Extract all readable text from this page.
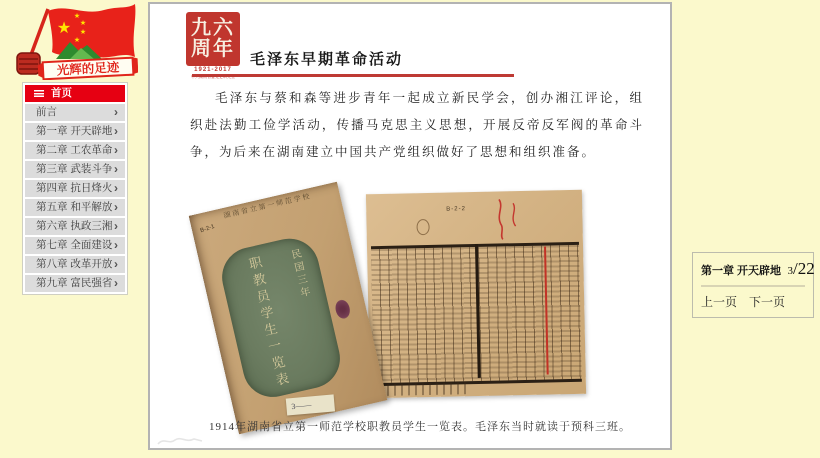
★
★
★
★
★
光辉的足迹
首页
前言	›
第一章 开天辟地 ›
第二章 工农革命 ›
第三章 武装斗争 ›
第四章 抗日烽火 ›
第五章 和平解放 ›
第六章 执政三湘 ›
第七章 全面建设 ›
第八章 改革开放 ›
第九章 富民强省 ›
九六周年
1921-2017
毛泽东早期革命活动

毛泽东与蔡和森等进步青年一起成立新民学会，创办湘江评论，组织赴法勤工俭学活动，传播马克思主义思想，开展反帝反军阀的革命斗争，为后来在湖南建立中国共产党组织做好了思想和组织准备。

B-2-2
湖南省立第一师范学校
B-2-1
民国三年
职教员学生一览表
3——
1914年湖南省立第一师范学校职教员学生一览表。毛泽东当时就读于预科三班。
第一章 开天辟地 3/22
上一页 下一页
